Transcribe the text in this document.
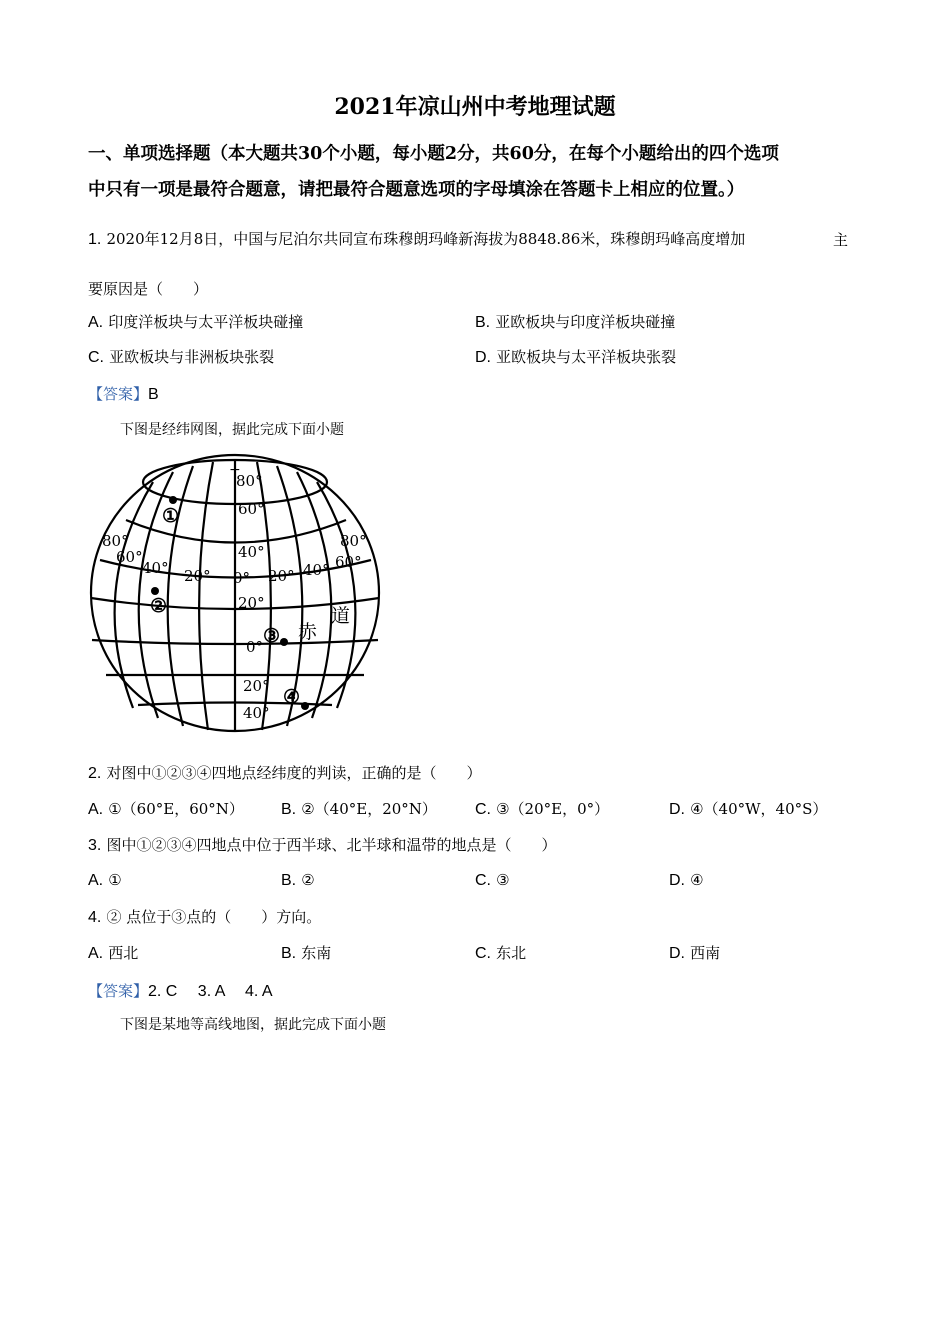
2021年凉山州中考地理试题
一、单项选择题（本大题共30个小题，每小题2分，共60分，在每个小题给出的四个选项
中只有一项是最符合题意，请把最符合题意选项的字母填涂在答题卡上相应的位置。）
1. 2020年12月8日，中国与尼泊尔共同宣布珠穆朗玛峰新海拔为8848.86米，珠穆朗玛峰高度增加	主
要原因是（　　）
A. 印度洋板块与太平洋板块碰撞	B. 亚欧板块与印度洋板块碰撞
C. 亚欧板块与非洲板块张裂	D. 亚欧板块与太平洋板块张裂
【答案】B
下图是经纬网图，据此完成下面小题
+
80°
60°
40°
20°
0°
20°
40°
80°
60°
40° 20° 0° 20° 40° 60°
80°
①
②
③
④
赤
道
2. 对图中①②③④四地点经纬度的判读，正确的是（　　）
A. ①（60°E，60°N） B. ②（40°E，20°N） C. ③（20°E，0°）	D. ④（40°W，40°S）
3. 图中①②③④四地点中位于西半球、北半球和温带的地点是（　　）
A. ①	B. ②	C. ③	D. ④
4. ② 点位于③点的（　　）方向。
A. 西北	B. 东南	C. 东北	D. 西南
【答案】2. C　 3. A　 4. A
下图是某地等高线地图，据此完成下面小题
